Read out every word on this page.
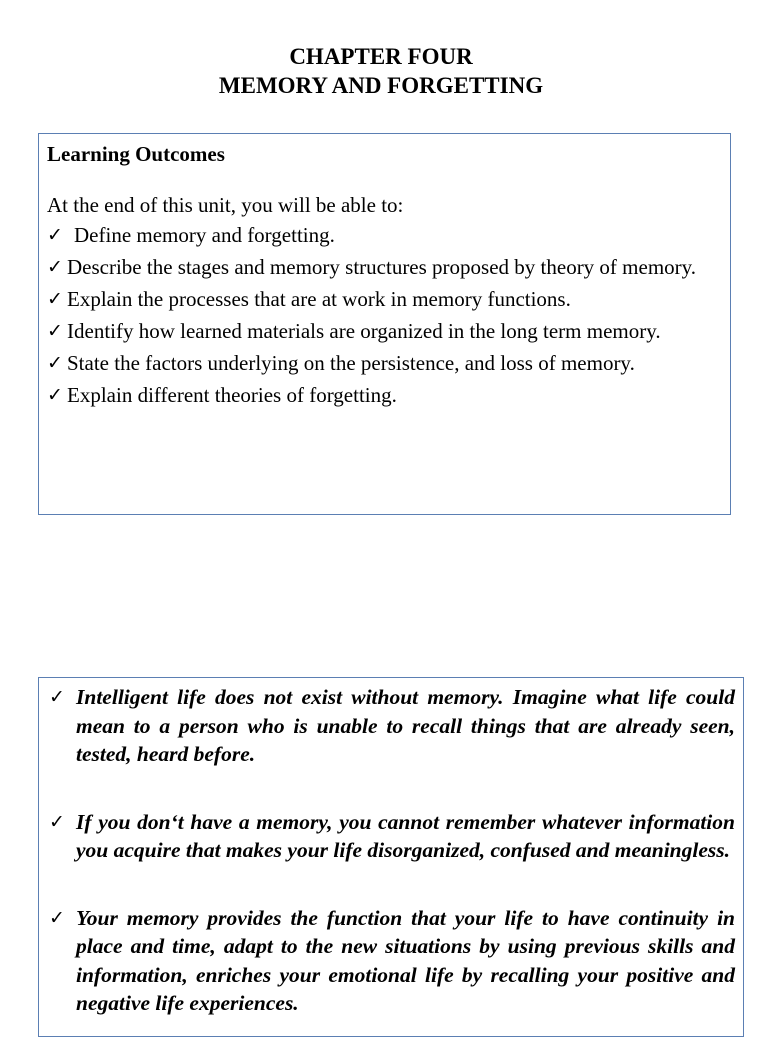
CHAPTER FOUR
MEMORY AND FORGETTING
Learning Outcomes
At the end of this unit, you will be able to:
✓ Define memory and forgetting.
✓ Describe the stages and memory structures proposed by theory of memory.
✓ Explain the processes that are at work in memory functions.
✓ Identify how learned materials are organized in the long term memory.
✓ State the factors underlying on the persistence, and loss of memory.
✓ Explain different theories of forgetting.
✓ Intelligent life does not exist without memory. Imagine what life could mean to a person who is unable to recall things that are already seen, tested, heard before.
✓ If you don‘t have a memory, you cannot remember whatever information you acquire that makes your life disorganized, confused and meaningless.
✓ Your memory provides the function that your life to have continuity in place and time, adapt to the new situations by using previous skills and information, enriches your emotional life by recalling your positive and negative life experiences.
